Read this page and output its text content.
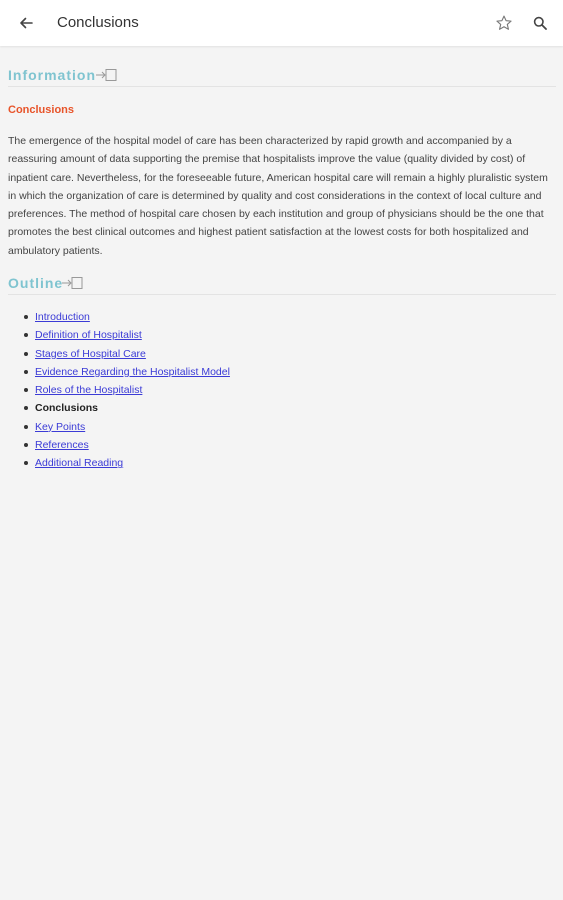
Conclusions
Information
Conclusions
The emergence of the hospital model of care has been characterized by rapid growth and accompanied by a reassuring amount of data supporting the premise that hospitalists improve the value (quality divided by cost) of inpatient care. Nevertheless, for the foreseeable future, American hospital care will remain a highly pluralistic system in which the organization of care is determined by quality and cost considerations in the context of local culture and preferences. The method of hospital care chosen by each institution and group of physicians should be the one that promotes the best clinical outcomes and highest patient satisfaction at the lowest costs for both hospitalized and ambulatory patients.
Outline
Introduction
Definition of Hospitalist
Stages of Hospital Care
Evidence Regarding the Hospitalist Model
Roles of the Hospitalist
Conclusions
Key Points
References
Additional Reading
